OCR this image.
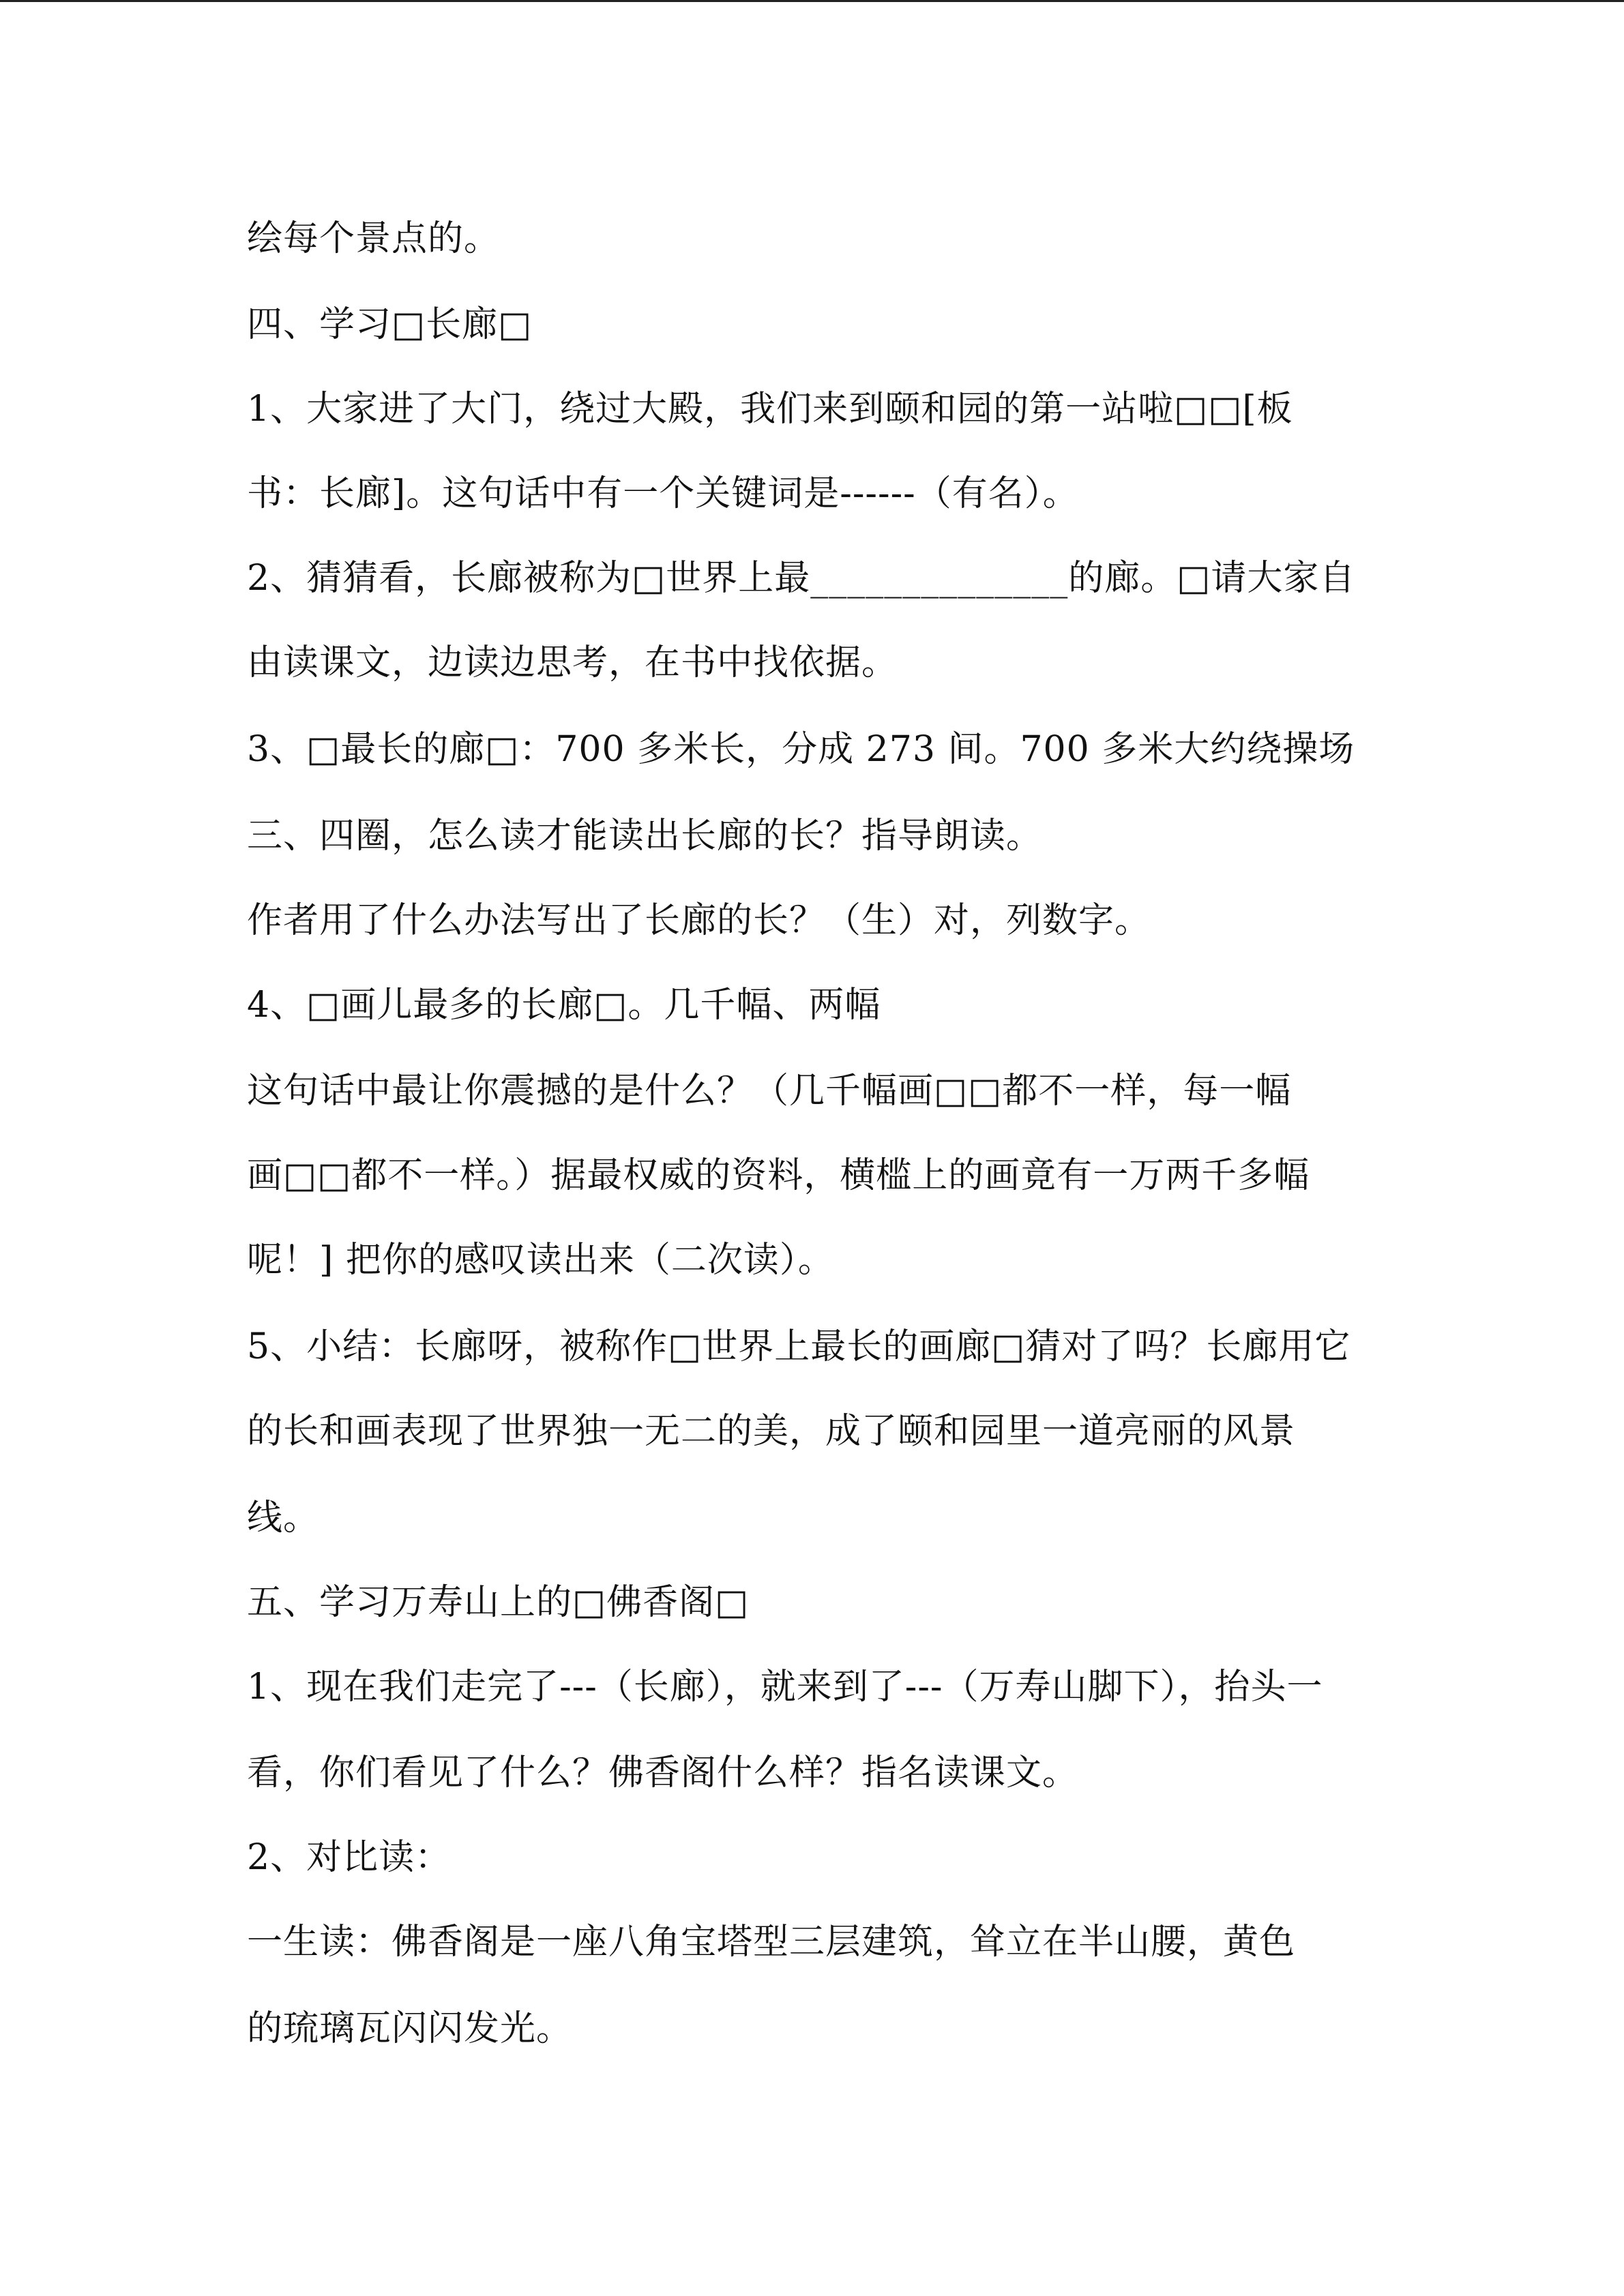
绘每个景点的。

四、学习□长廊□

1、大家进了大门，绕过大殿，我们来到颐和园的第一站啦□□[板

书：长廊]。这句话中有一个关键词是------（有名）。

2、猜猜看，长廊被称为□世界上最______________的廊。□请大家自

由读课文，边读边思考，在书中找依据。

3、□最长的廊□：700 多米长，分成 273 间。700 多米大约绕操场

三、四圈，怎么读才能读出长廊的长？指导朗读。

作者用了什么办法写出了长廊的长？（生）对，列数字。

4、□画儿最多的长廊□。几千幅、两幅

这句话中最让你震撼的是什么？（几千幅画□□都不一样，每一幅

画□□都不一样。）据最权威的资料，横槛上的画竟有一万两千多幅

呢！] 把你的感叹读出来（二次读）。

5、小结：长廊呀，被称作□世界上最长的画廊□猜对了吗？长廊用它

的长和画表现了世界独一无二的美，成了颐和园里一道亮丽的风景

线。

五、学习万寿山上的□佛香阁□

1、现在我们走完了---（长廊），就来到了---（万寿山脚下），抬头一

看，你们看见了什么？佛香阁什么样？指名读课文。

2、对比读：

一生读：佛香阁是一座八角宝塔型三层建筑，耸立在半山腰，黄色

的琉璃瓦闪闪发光。
